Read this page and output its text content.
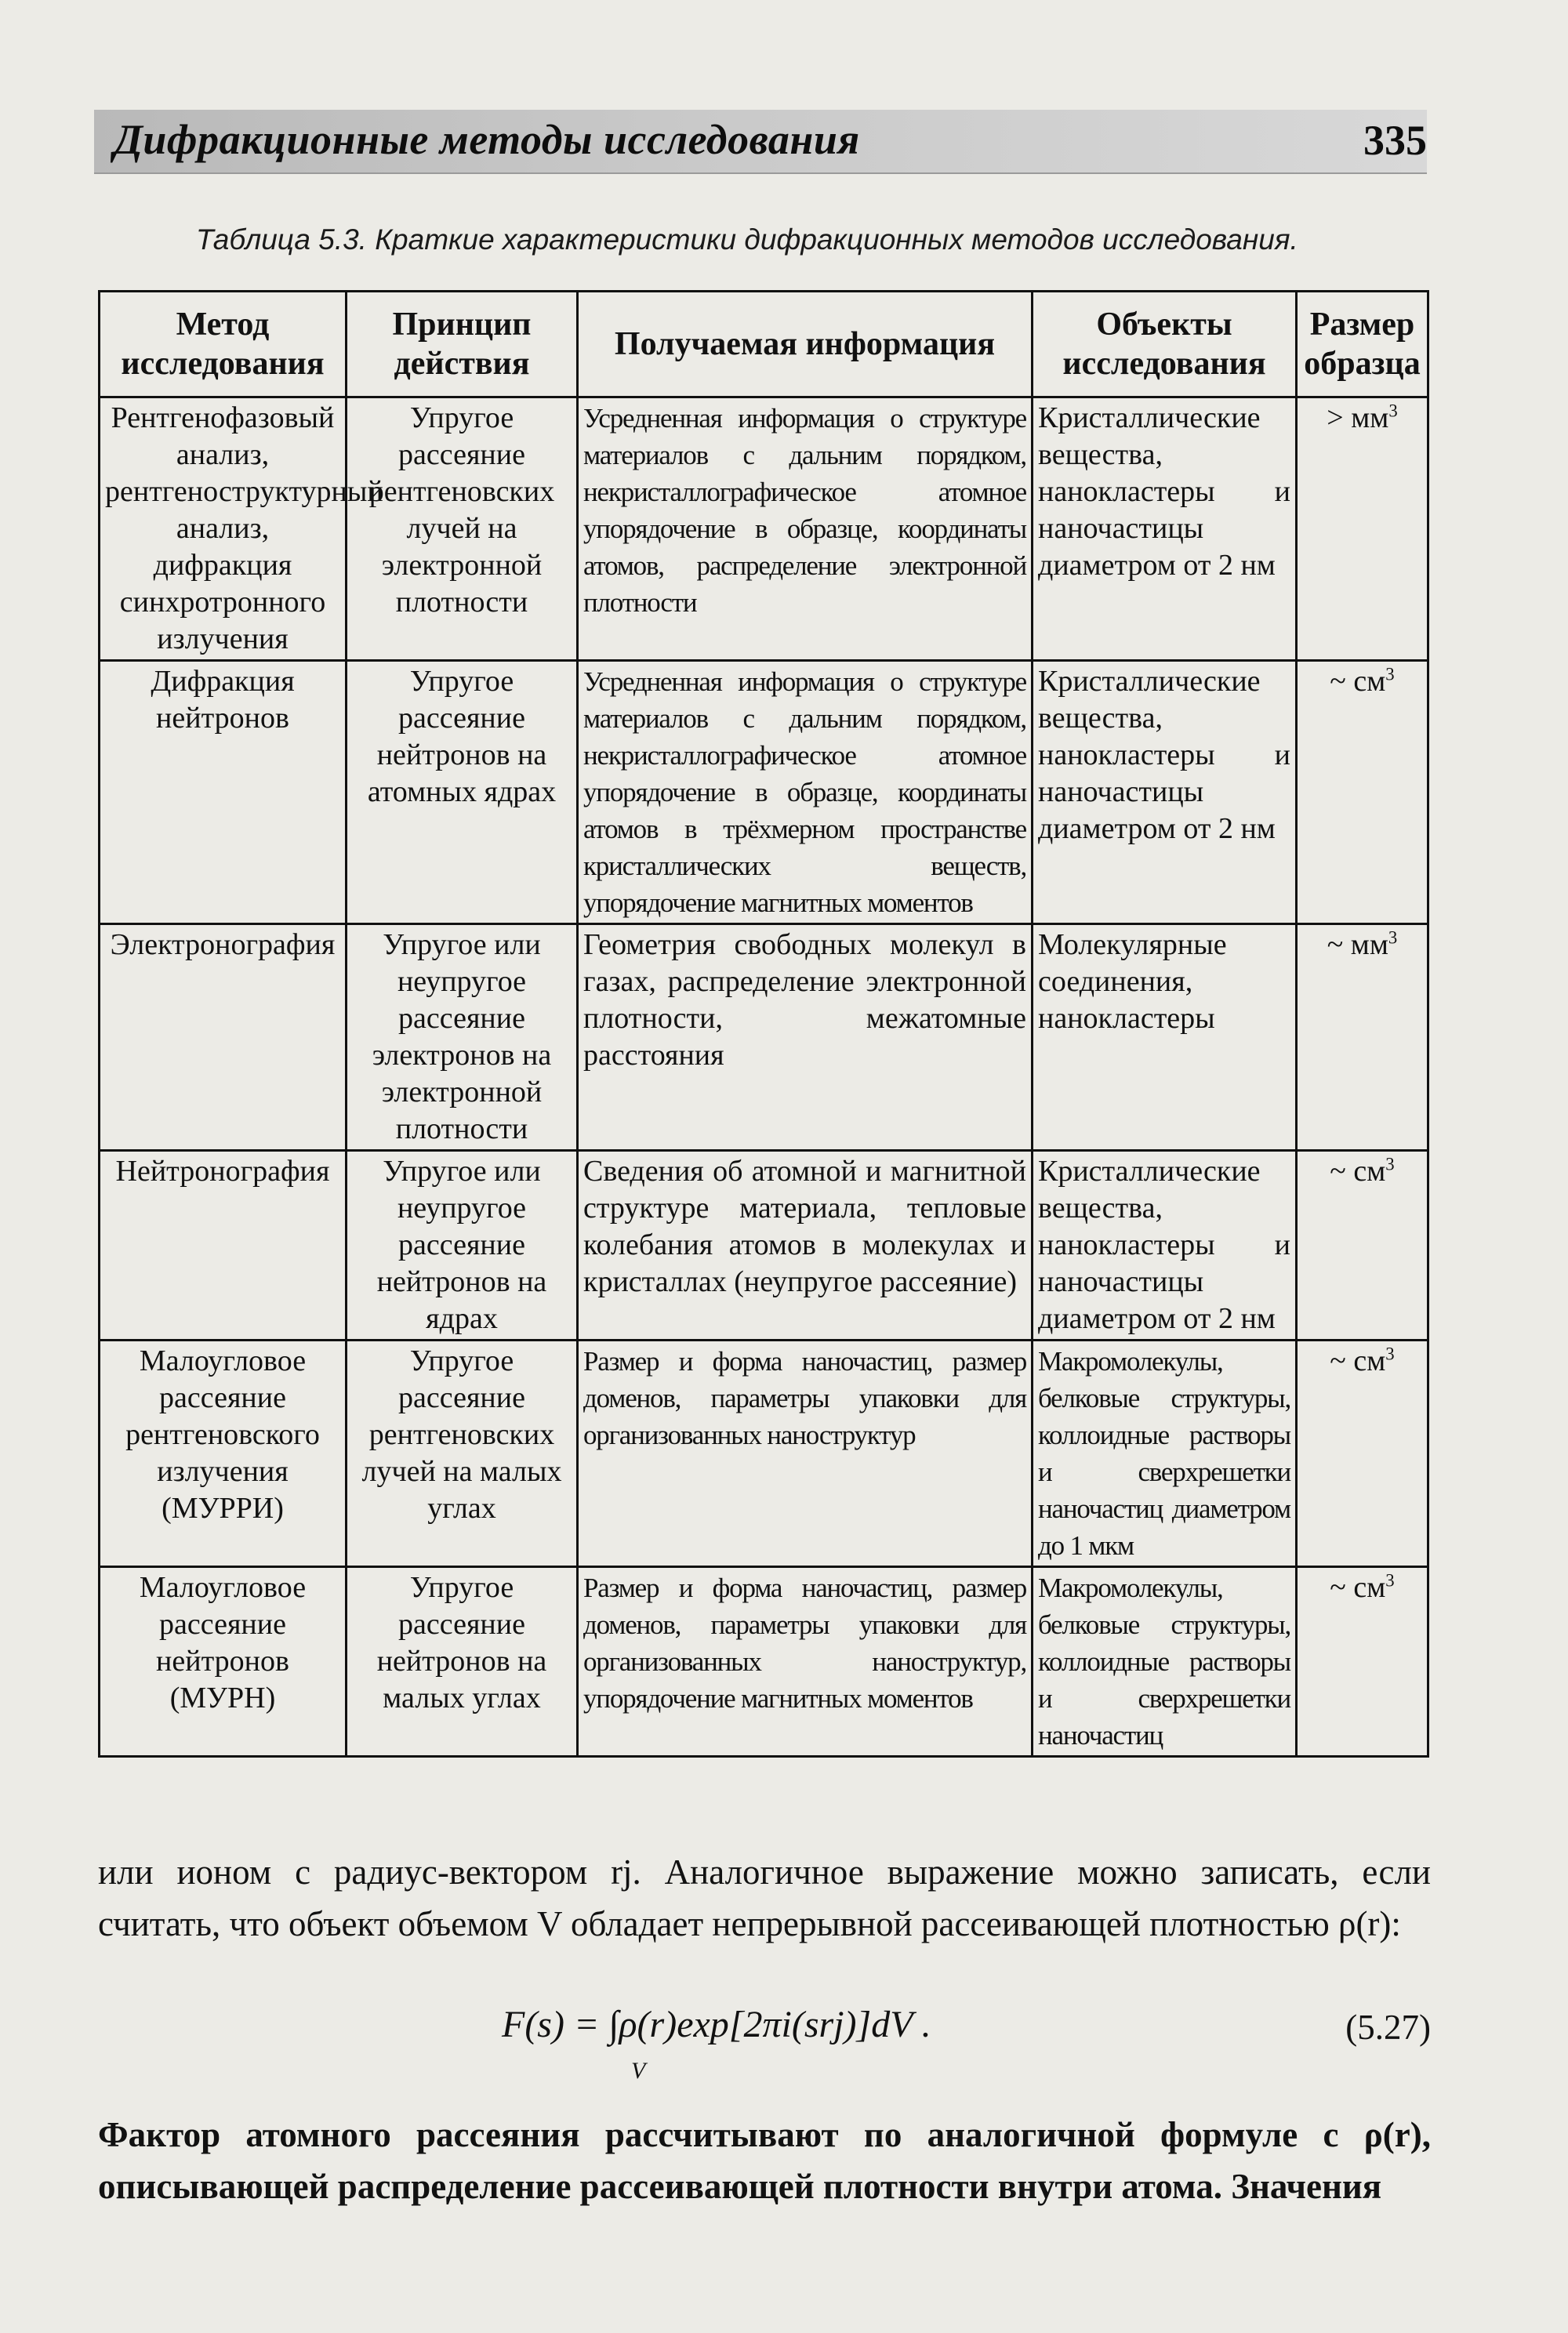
Дифракционные методы исследования	335
Таблица 5.3. Краткие характеристики дифракционных методов исследования.
Метод исследования	Принцип действия	Получаемая информация	Объекты исследования	Размер образца
Рентгенофазовый анализ, рентгеноструктурный анализ, дифракция синхротронного излучения	Упругое рассеяние рентгеновских лучей на электронной плотности	Усредненная информация о структуре материалов с дальним порядком, некристаллографическое атомное упорядочение в образце, координаты атомов, распределение электронной плотности	Кристаллические вещества, нанокластеры и наночастицы диаметром от 2 нм	> $мм^3$
Дифракция нейтронов	Упругое рассеяние нейтронов на атомных ядрах	Усредненная информация о структуре материалов с дальним порядком, некристаллографическое атомное упорядочение в образце, координаты атомов в трёхмерном пространстве кристаллических веществ, упорядочение магнитных моментов	Кристаллические вещества, нанокластеры и наночастицы диаметром от 2 нм	~ $см^3$
Электронография	Упругое или неупругое рассеяние электронов на электронной плотности	Геометрия свободных молекул в газах, распределение электронной плотности, межатомные расстояния	Молекулярные соединения, нанокластеры	~ $мм^3$
Нейтронография	Упругое или неупругое рассеяние нейтронов на ядрах	Сведения об атомной и магнитной структуре материала, тепловые колебания атомов в молекулах и кристаллах (неупругое рассеяние)	Кристаллические вещества, нанокластеры и наночастицы диаметром от 2 нм	~ $см^3$
Малоугловое рассеяние рентгеновского излучения (МУРРИ)	Упругое рассеяние рентгеновских лучей на малых углах	Размер и форма наночастиц, размер доменов, параметры упаковки для организованных наноструктур	Макромолекулы, белковые структуры, коллоидные растворы и сверхрешетки наночастиц диаметром до 1 мкм	~ $см^3$
Малоугловое рассеяние нейтронов (МУРН)	Упругое рассеяние нейтронов на малых углах	Размер и форма наночастиц, размер доменов, параметры упаковки для организованных наноструктур, упорядочение магнитных моментов	Макромолекулы, белковые структуры, коллоидные растворы и сверхрешетки наночастиц	~ $см^3$
или ионом с радиус-вектором rj. Аналогичное выражение можно записать, если считать, что объект объемом V обладает непрерывной рассеивающей плотностью ρ(r):
F(s) = ∫ρ(r)exp[2πi(srj)]dV .
V
(5.27)
Фактор атомного рассеяния рассчитывают по аналогичной формуле с ρ(r), описывающей распределение рассеивающей плотности внутри атома. Значения
